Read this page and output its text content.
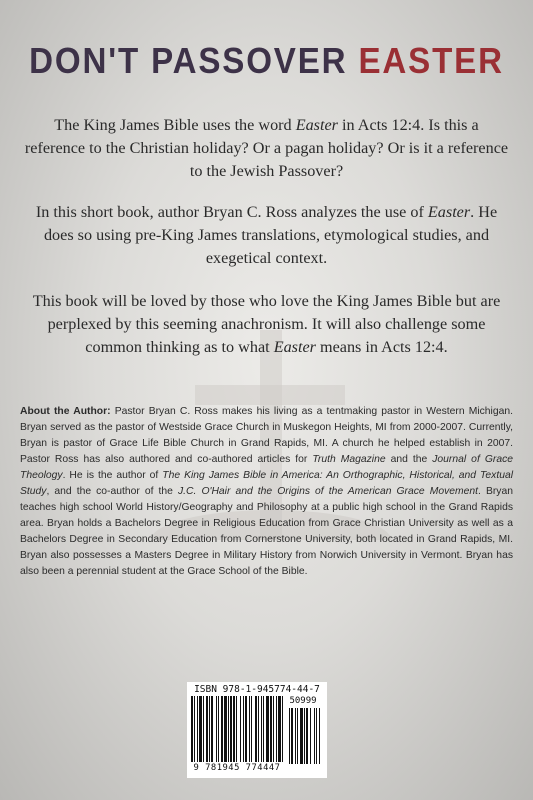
DON'T PASSOVER EASTER
The King James Bible uses the word Easter in Acts 12:4. Is this a reference to the Christian holiday? Or a pagan holiday? Or is it a reference to the Jewish Passover?
In this short book, author Bryan C. Ross analyzes the use of Easter. He does so using pre-King James translations, etymological studies, and exegetical context.
This book will be loved by those who love the King James Bible but are perplexed by this seeming anachronism. It will also challenge some common thinking as to what Easter means in Acts 12:4.
About the Author: Pastor Bryan C. Ross makes his living as a tentmaking pastor in Western Michigan. Bryan served as the pastor of Westside Grace Church in Muskegon Heights, MI from 2000-2007. Currently, Bryan is pastor of Grace Life Bible Church in Grand Rapids, MI. A church he helped establish in 2007. Pastor Ross has also authored and co-authored articles for Truth Magazine and the Journal of Grace Theology. He is the author of The King James Bible in America: An Orthographic, Historical, and Textual Study, and the co-author of the J.C. O'Hair and the Origins of the American Grace Movement. Bryan teaches high school World History/Geography and Philosophy at a public high school in the Grand Rapids area. Bryan holds a Bachelors Degree in Religious Education from Grace Christian University as well as a Bachelors Degree in Secondary Education from Cornerstone University, both located in Grand Rapids, MI. Bryan also possesses a Masters Degree in Military History from Norwich University in Vermont. Bryan has also been a perennial student at the Grace School of the Bible.
ISBN 978-1-945774-44-7
50999
9 781945 774447
